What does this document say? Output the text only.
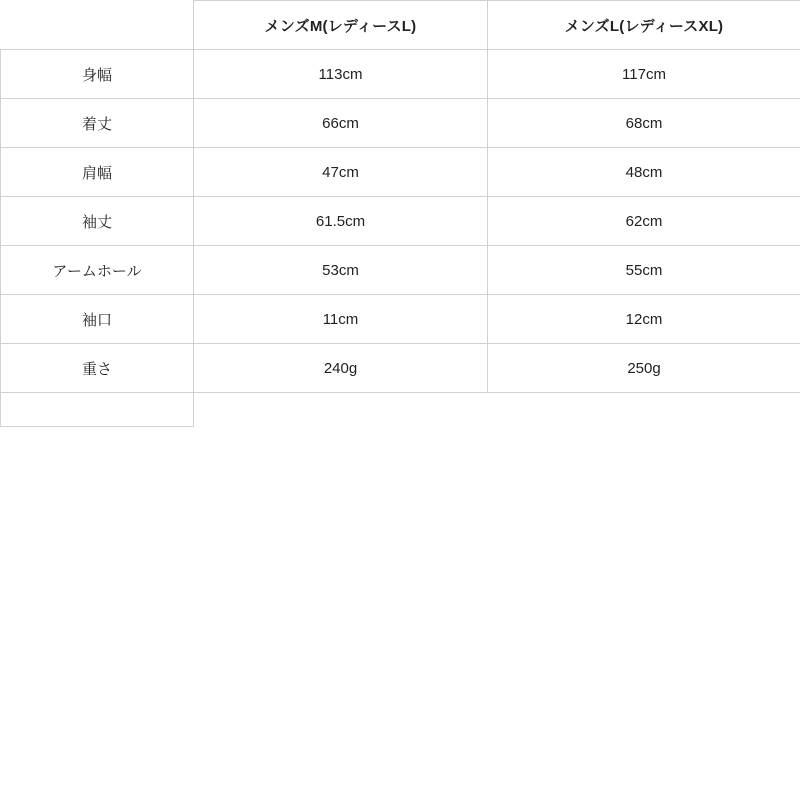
	メンズM(レディースL)	メンズL(レディースXL)
身幅	113cm	117cm
着丈	66cm	68cm
肩幅	47cm	48cm
袖丈	61.5cm	62cm
アームホール	53cm	55cm
袖口	11cm	12cm
重さ	240g	250g
